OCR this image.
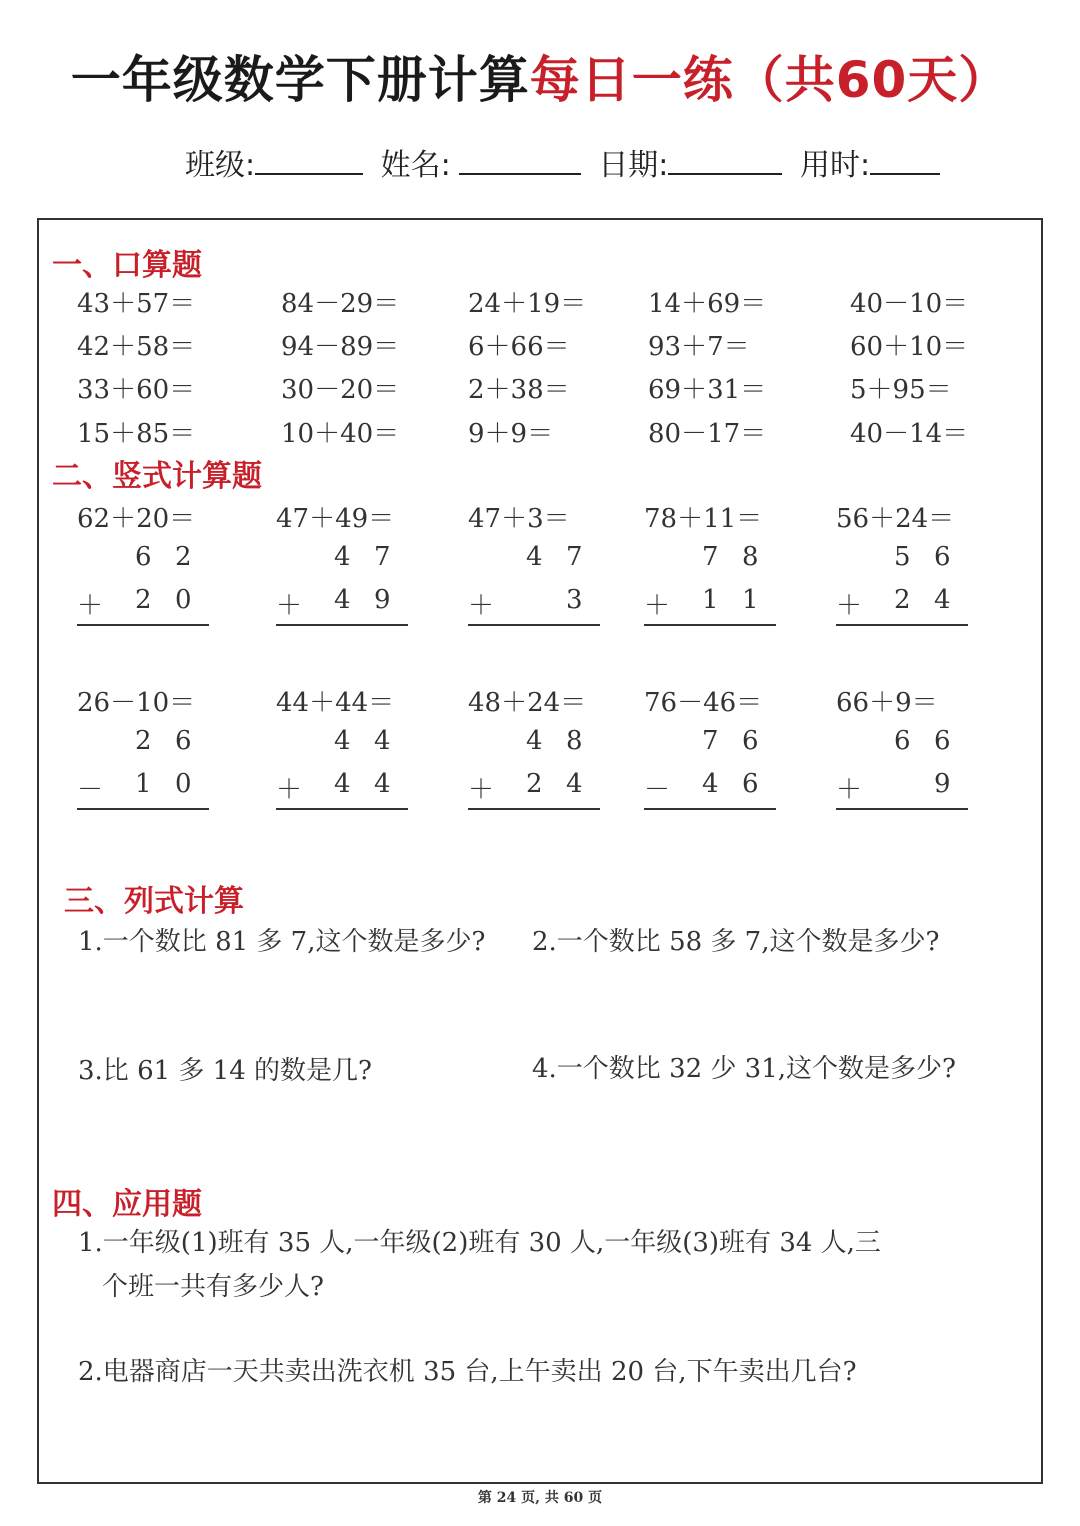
一年级数学下册计算每日一练（共60天）
班级:	姓名:	日期:	用时:
一、口算题
43＋57＝	84－29＝	24＋19＝ 14＋69＝	40－10＝
42＋58＝	94－89＝	6＋66＝	93＋7＝	60＋10＝
33＋60＝	30－20＝	2＋38＝	69＋31＝	5＋95＝
15＋85＝	10＋40＝	9＋9＝	80－17＝	40－14＝
二、竖式计算题
62＋20＝
6 2
＋ 2 0
47＋49＝
4 7
＋ 4 9
47＋3＝
4 7
＋	3
78＋11＝
7 8
＋ 1 1
56＋24＝
5 6
＋ 2 4
26－10＝
2 6
－ 1 0
44＋44＝
4 4
＋ 4 4
48＋24＝
4 8
＋ 2 4
76－46＝
7 6
－ 4 6
66＋9＝
6 6
＋	9
三、列式计算
1.一个数比 81 多 7,这个数是多少? 2.一个数比 58 多 7,这个数是多少?
3.比 61 多 14 的数是几?	4.一个数比 32 少 31,这个数是多少?
四、应用题
1.一年级(1)班有 35 人,一年级(2)班有 30 人,一年级(3)班有 34 人,三
个班一共有多少人?
2.电器商店一天共卖出洗衣机 35 台,上午卖出 20 台,下午卖出几台?
第 24 页, 共 60 页
